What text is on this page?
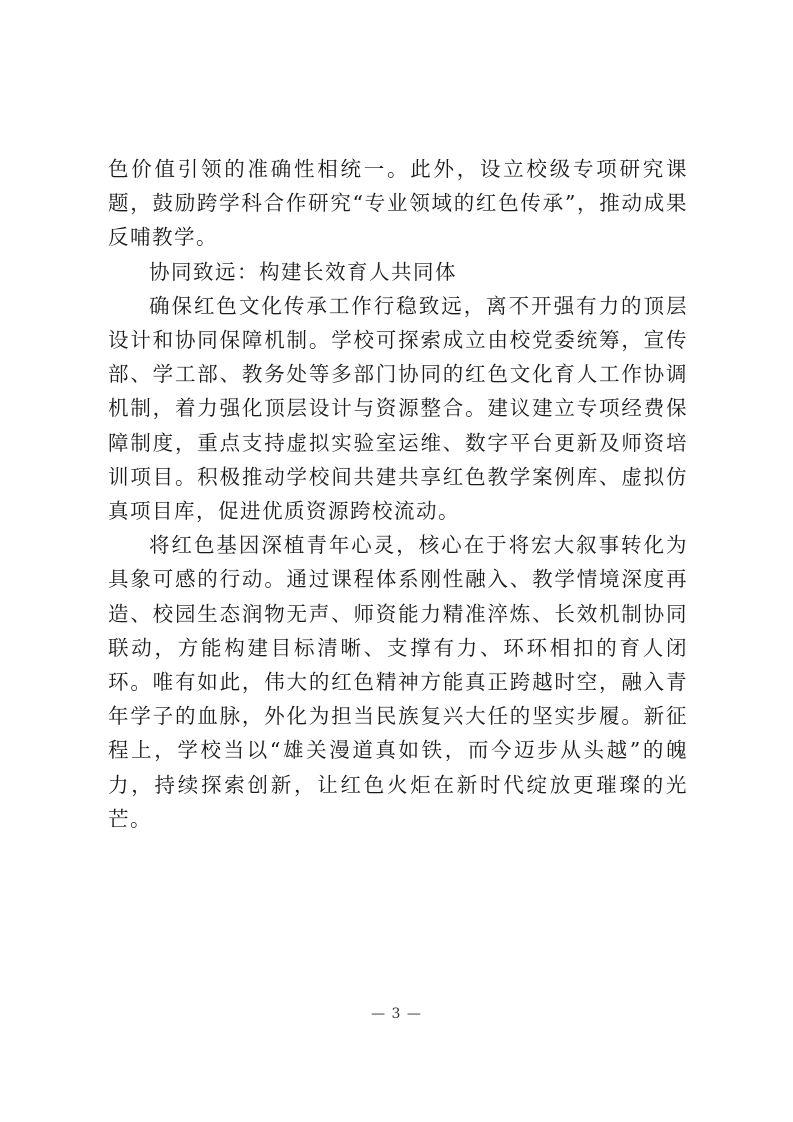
色价值引领的准确性相统一。此外，设立校级专项研究课题，鼓励跨学科合作研究“专业领域的红色传承”，推动成果反哺教学。

协同致远：构建长效育人共同体

确保红色文化传承工作行稳致远，离不开强有力的顶层设计和协同保障机制。学校可探索成立由校党委统筹，宣传部、学工部、教务处等多部门协同的红色文化育人工作协调机制，着力强化顶层设计与资源整合。建议建立专项经费保障制度，重点支持虚拟实验室运维、数字平台更新及师资培训项目。积极推动学校间共建共享红色教学案例库、虚拟仿真项目库，促进优质资源跨校流动。

将红色基因深植青年心灵，核心在于将宏大叙事转化为具象可感的行动。通过课程体系刚性融入、教学情境深度再造、校园生态润物无声、师资能力精准淬炼、长效机制协同联动，方能构建目标清晰、支撑有力、环环相扣的育人闭环。唯有如此，伟大的红色精神方能真正跨越时空，融入青年学子的血脉，外化为担当民族复兴大任的坚实步履。新征程上，学校当以“雄关漫道真如铁，而今迈步从头越”的魄力，持续探索创新，让红色火炬在新时代绽放更璀璨的光芒。

— 3 —
